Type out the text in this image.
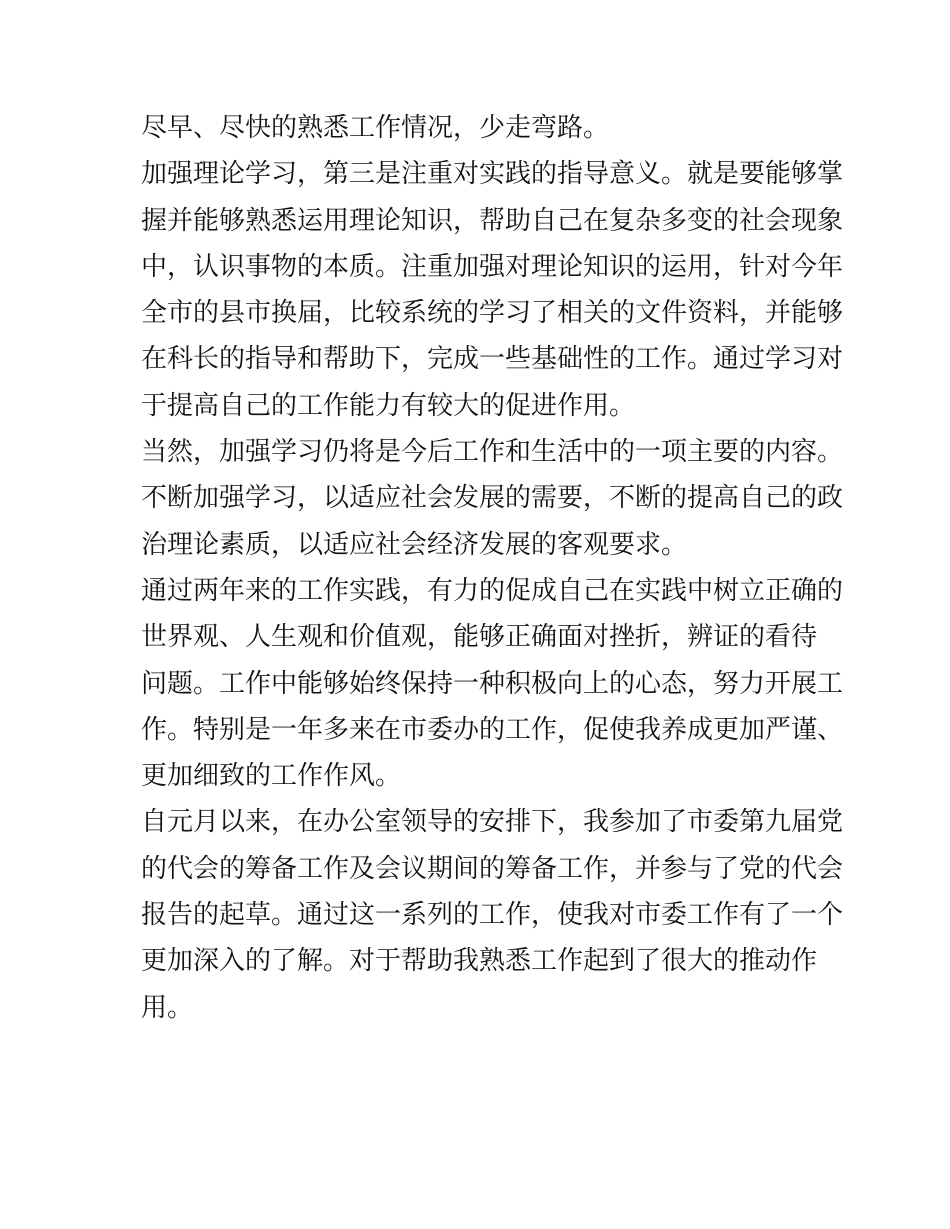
尽早、尽快的熟悉工作情况，少走弯路。
加强理论学习，第三是注重对实践的指导意义。就是要能够掌
握并能够熟悉运用理论知识，帮助自己在复杂多变的社会现象
中，认识事物的本质。注重加强对理论知识的运用，针对今年
全市的县市换届，比较系统的学习了相关的文件资料，并能够
在科长的指导和帮助下，完成一些基础性的工作。通过学习对
于提高自己的工作能力有较大的促进作用。
当然，加强学习仍将是今后工作和生活中的一项主要的内容。
不断加强学习，以适应社会发展的需要，不断的提高自己的政
治理论素质，以适应社会经济发展的客观要求。
通过两年来的工作实践，有力的促成自己在实践中树立正确的
世界观、人生观和价值观，能够正确面对挫折，辨证的看待
问题。工作中能够始终保持一种积极向上的心态，努力开展工
作。特别是一年多来在市委办的工作，促使我养成更加严谨、
更加细致的工作作风。
自元月以来，在办公室领导的安排下，我参加了市委第九届党
的代会的筹备工作及会议期间的筹备工作，并参与了党的代会
报告的起草。通过这一系列的工作，使我对市委工作有了一个
更加深入的了解。对于帮助我熟悉工作起到了很大的推动作
用。
